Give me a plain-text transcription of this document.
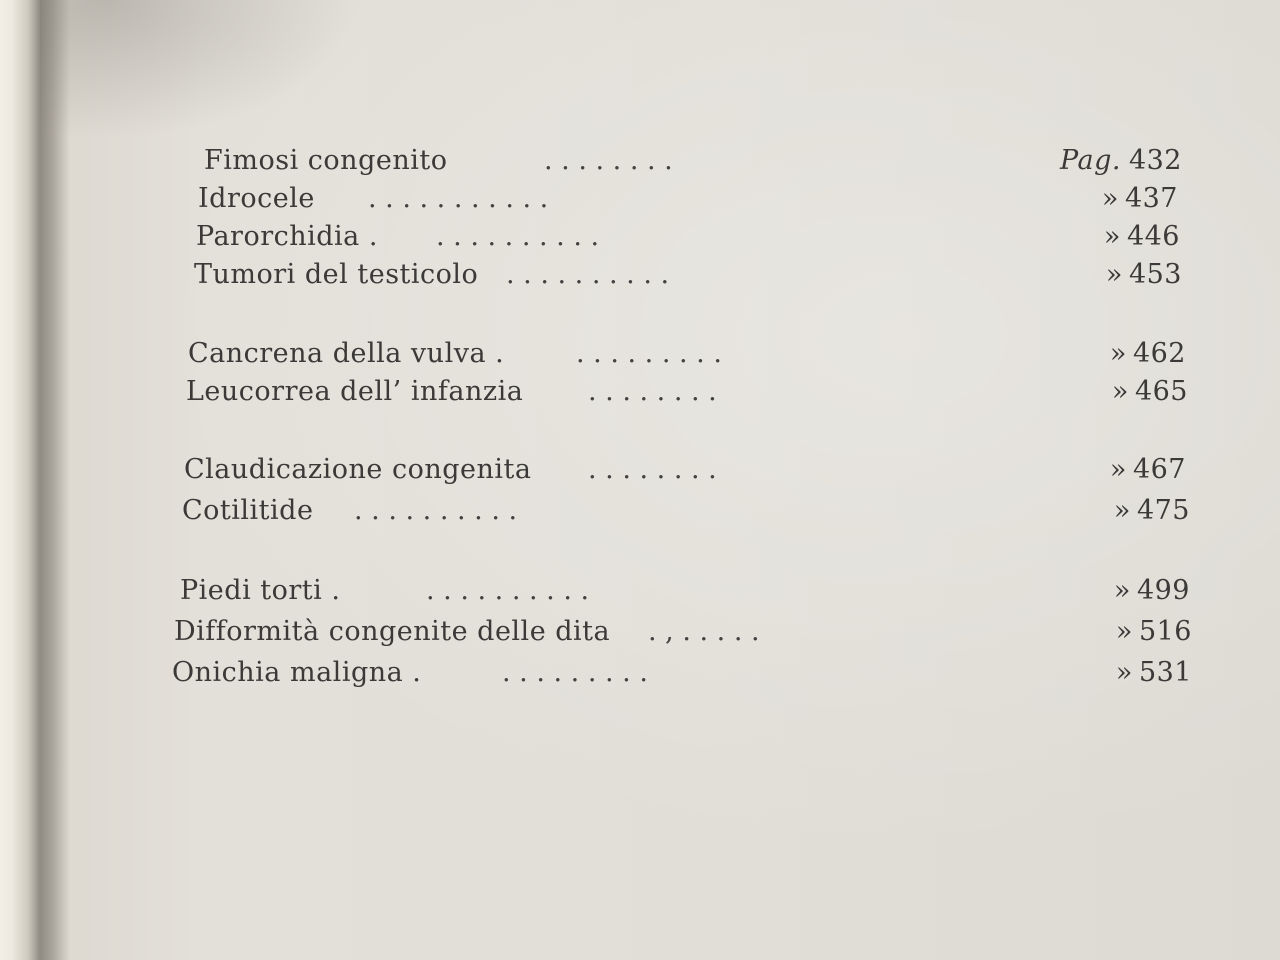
Fimosi congenito	. . . . . . . .	Pag. 432
Idrocele . . . . . . . . . . .	» 437
Parorchidia . . . . . . . . . . .	» 446
Tumori del testicolo . . . . . . . . . .	» 453
Cancrena della vulva .	. . . . . . . . .	» 462
Leucorrea dell’ infanzia . . . . . . . .	» 465
Claudicazione congenita . . . . . . . .	» 467
Cotilitide . . . . . . . . . .	» 475
Piedi torti .	. . . . . . . . . .	» 499
Difformità congenite delle dita . , . . . . .	» 516
Onichia maligna .	. . . . . . . . .	» 531
